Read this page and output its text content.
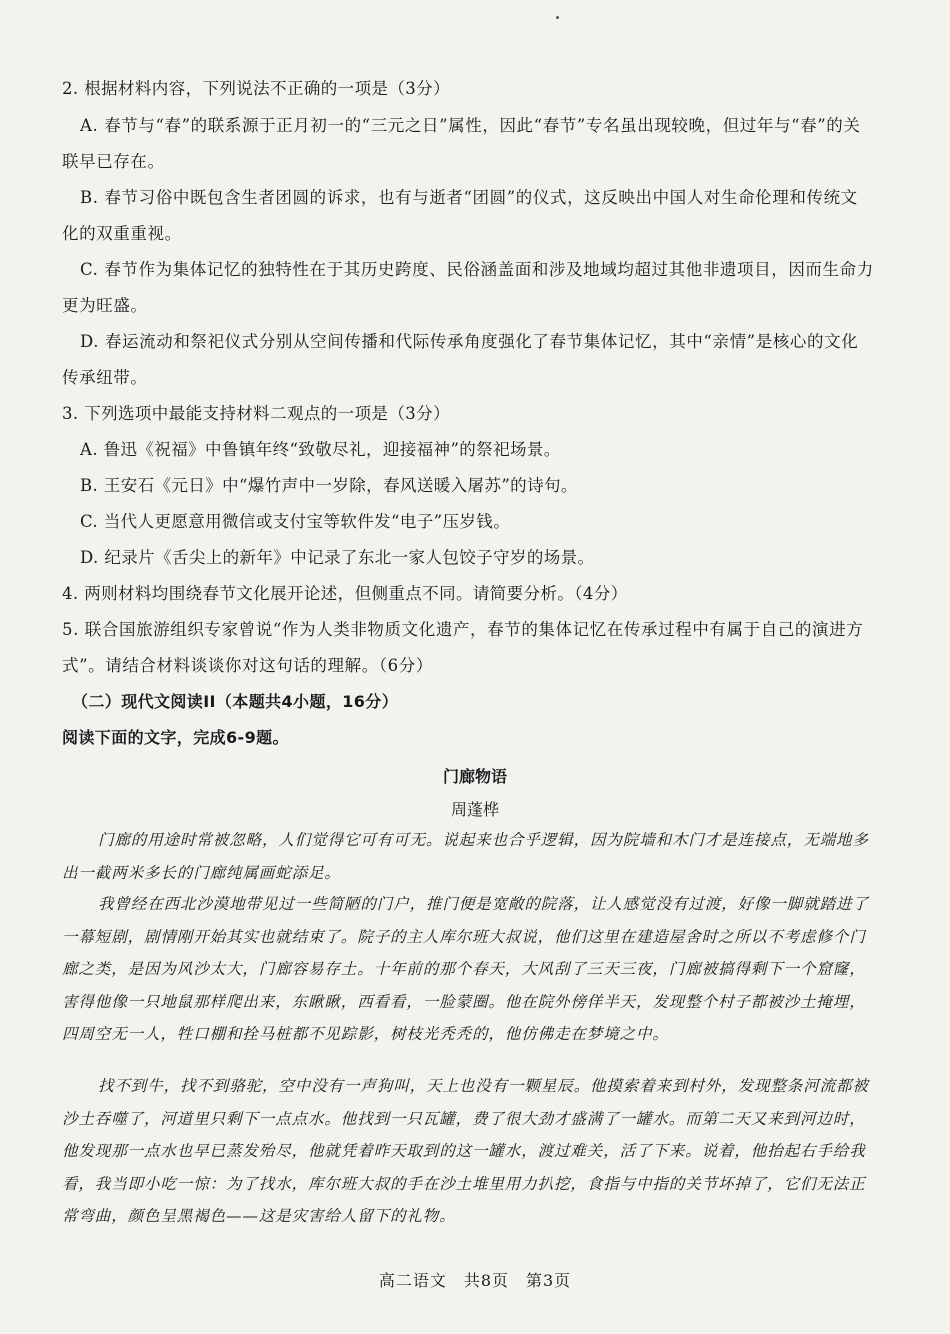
2. 根据材料内容，下列说法不正确的一项是（3分）
A. 春节与“春”的联系源于正月初一的“三元之日”属性，因此“春节”专名虽出现较晚，但过年与“春”的关联早已存在。
B. 春节习俗中既包含生者团圆的诉求，也有与逝者“团圆”的仪式，这反映出中国人对生命伦理和传统文化的双重重视。
C. 春节作为集体记忆的独特性在于其历史跨度、民俗涵盖面和涉及地域均超过其他非遗项目，因而生命力更为旺盛。
D. 春运流动和祭祀仪式分别从空间传播和代际传承角度强化了春节集体记忆，其中“亲情”是核心的文化传承纽带。
3. 下列选项中最能支持材料二观点的一项是（3分）
A. 鲁迅《祝福》中鲁镇年终“致敬尽礼，迎接福神”的祭祀场景。
B. 王安石《元日》中“爆竹声中一岁除，春风送暖入屠苏”的诗句。
C. 当代人更愿意用微信或支付宝等软件发“电子”压岁钱。
D. 纪录片《舌尖上的新年》中记录了东北一家人包饺子守岁的场景。
4. 两则材料均围绕春节文化展开论述，但侧重点不同。请简要分析。（4分）
5. 联合国旅游组织专家曾说“作为人类非物质文化遗产，春节的集体记忆在传承过程中有属于自己的演进方式”。请结合材料谈谈你对这句话的理解。（6分）
（二）现代文阅读II（本题共4小题，16分）
阅读下面的文字，完成6-9题。
门廊物语
周蓬桦
门廊的用途时常被忽略，人们觉得它可有可无。说起来也合乎逻辑，因为院墙和木门才是连接点，无端地多出一截两米多长的门廊纯属画蛇添足。
我曾经在西北沙漠地带见过一些简陋的门户，推门便是宽敞的院落，让人感觉没有过渡，好像一脚就踏进了一幕短剧，剧情刚开始其实也就结束了。院子的主人库尔班大叔说，他们这里在建造屋舍时之所以不考虑修个门廊之类，是因为风沙太大，门廊容易存土。十年前的那个春天，大风刮了三天三夜，门廊被搞得剩下一个窟窿，害得他像一只地鼠那样爬出来，东瞅瞅，西看看，一脸蒙圈。他在院外傍佯半天，发现整个村子都被沙土掩埋，四周空无一人，牲口棚和拴马桩都不见踪影，树枝光秃秃的，他仿佛走在梦境之中。
找不到牛，找不到骆驼，空中没有一声狗叫，天上也没有一颗星辰。他摸索着来到村外，发现整条河流都被沙土吞噬了，河道里只剩下一点点水。他找到一只瓦罐，费了很大劲才盛满了一罐水。而第二天又来到河边时，他发现那一点水也早已蒸发殆尽，他就凭着昨天取到的这一罐水，渡过难关，活了下来。说着，他抬起右手给我看，我当即小吃一惊：为了找水，库尔班大叔的手在沙土堆里用力扒挖，食指与中指的关节坏掉了，它们无法正常弯曲，颜色呈黑褐色——这是灾害给人留下的礼物。
高二语文　共8页　第3页
